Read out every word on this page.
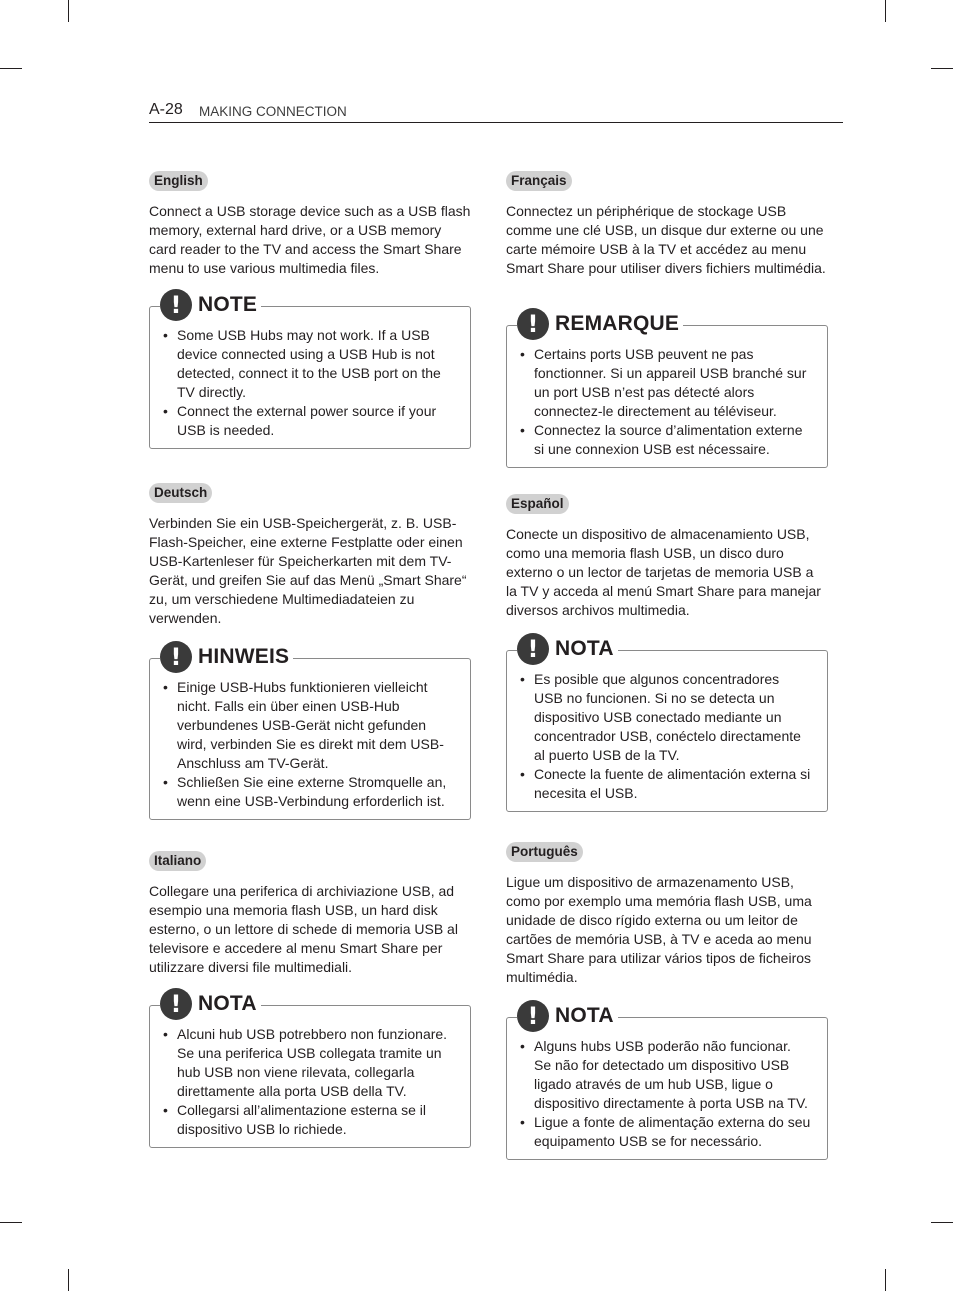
A-28 MAKING CONNECTION
English

Connect a USB storage device such as a USB flash memory, external hard drive, or a USB memory card reader to the TV and access the Smart Share menu to use various multimedia files.

! NOTE
• Some USB Hubs may not work. If a USB device connected using a USB Hub is not detected, connect it to the USB port on the TV directly.
• Connect the external power source if your USB is needed.
Deutsch

Verbinden Sie ein USB-Speichergerät, z. B. USB-Flash-Speicher, eine externe Festplatte oder einen USB-Kartenleser für Speicherkarten mit dem TV-Gerät, und greifen Sie auf das Menü „Smart Share“ zu, um verschiedene Multimediadateien zu verwenden.

! HINWEIS
• Einige USB-Hubs funktionieren vielleicht nicht. Falls ein über einen USB-Hub verbundenes USB-Gerät nicht gefunden wird, verbinden Sie es direkt mit dem USB-Anschluss am TV-Gerät.
• Schließen Sie eine externe Stromquelle an, wenn eine USB-Verbindung erforderlich ist.
Italiano

Collegare una periferica di archiviazione USB, ad esempio una memoria flash USB, un hard disk esterno, o un lettore di schede di memoria USB al televisore e accedere al menu Smart Share per utilizzare diversi file multimediali.

! NOTA
• Alcuni hub USB potrebbero non funzionare. Se una periferica USB collegata tramite un hub USB non viene rilevata, collegarla direttamente alla porta USB della TV.
• Collegarsi all’alimentazione esterna se il dispositivo USB lo richiede.
Français

Connectez un périphérique de stockage USB comme une clé USB, un disque dur externe ou une carte mémoire USB à la TV et accédez au menu Smart Share pour utiliser divers fichiers multimédia.

! REMARQUE
• Certains ports USB peuvent ne pas fonctionner. Si un appareil USB branché sur un port USB n’est pas détecté alors connectez-le directement au téléviseur.
• Connectez la source d’alimentation externe si une connexion USB est nécessaire.
Español

Conecte un dispositivo de almacenamiento USB, como una memoria flash USB, un disco duro externo o un lector de tarjetas de memoria USB a la TV y acceda al menú Smart Share para manejar diversos archivos multimedia.

! NOTA
• Es posible que algunos concentradores USB no funcionen. Si no se detecta un dispositivo USB conectado mediante un concentrador USB, conéctelo directamente al puerto USB de la TV.
• Conecte la fuente de alimentación externa si necesita el USB.
Português

Ligue um dispositivo de armazenamento USB, como por exemplo uma memória flash USB, uma unidade de disco rígido externa ou um leitor de cartões de memória USB, à TV e aceda ao menu Smart Share para utilizar vários tipos de ficheiros multimédia.

! NOTA
• Alguns hubs USB poderão não funcionar. Se não for detectado um dispositivo USB ligado através de um hub USB, ligue o dispositivo directamente à porta USB na TV.
• Ligue a fonte de alimentação externa do seu equipamento USB se for necessário.
